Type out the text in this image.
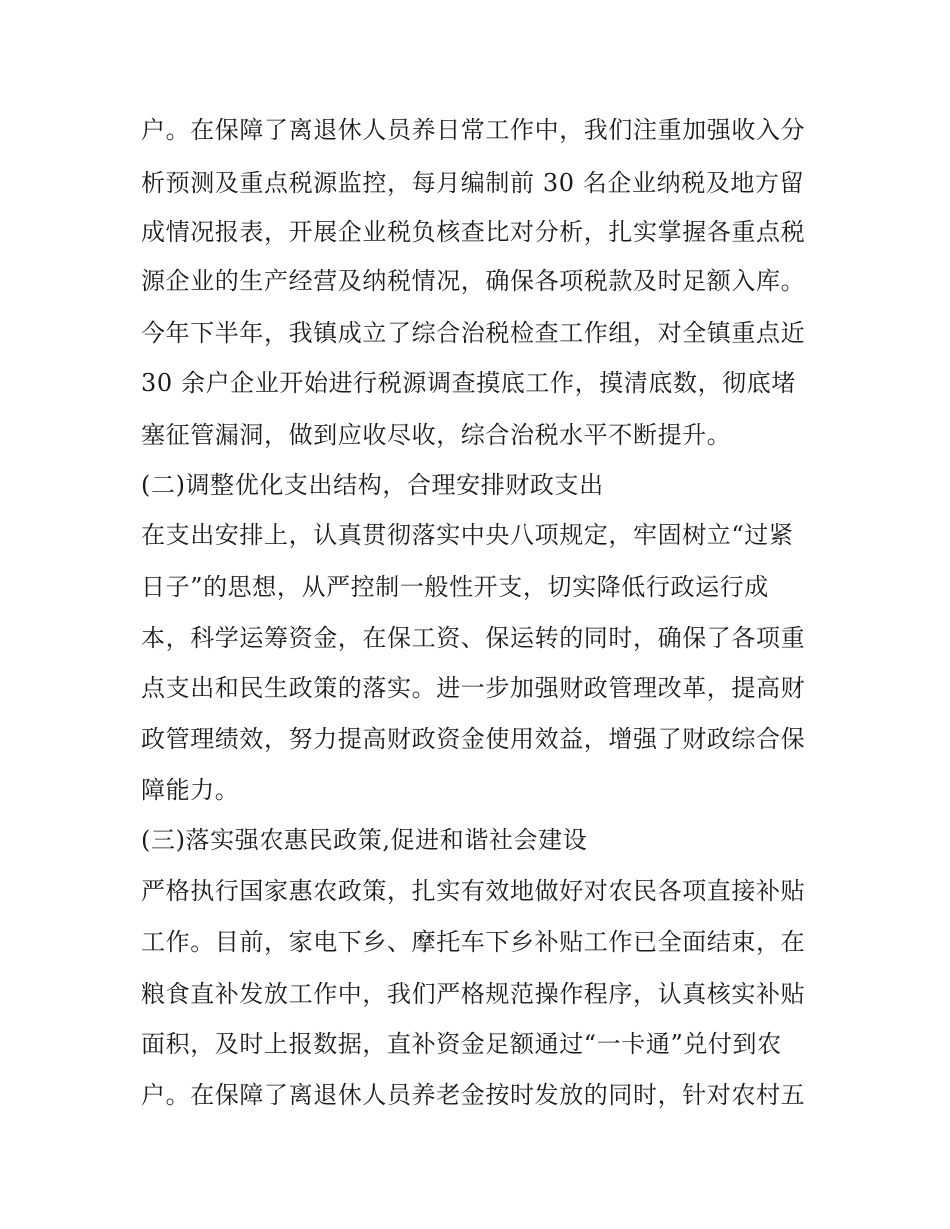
户。在保障了离退休人员养日常工作中，我们注重加强收入分
析预测及重点税源监控，每月编制前 30 名企业纳税及地方留
成情况报表，开展企业税负核查比对分析，扎实掌握各重点税
源企业的生产经营及纳税情况，确保各项税款及时足额入库。
今年下半年，我镇成立了综合治税检查工作组，对全镇重点近
30 余户企业开始进行税源调查摸底工作，摸清底数，彻底堵
塞征管漏洞，做到应收尽收，综合治税水平不断提升。
(二)调整优化支出结构，合理安排财政支出
在支出安排上，认真贯彻落实中央八项规定，牢固树立“过紧
日子”的思想，从严控制一般性开支，切实降低行政运行成
本，科学运筹资金，在保工资、保运转的同时，确保了各项重
点支出和民生政策的落实。进一步加强财政管理改革，提高财
政管理绩效，努力提高财政资金使用效益，增强了财政综合保
障能力。
(三)落实强农惠民政策,促进和谐社会建设
严格执行国家惠农政策，扎实有效地做好对农民各项直接补贴
工作。目前，家电下乡、摩托车下乡补贴工作已全面结束，在
粮食直补发放工作中，我们严格规范操作程序，认真核实补贴
面积，及时上报数据，直补资金足额通过“一卡通”兑付到农
户。在保障了离退休人员养老金按时发放的同时，针对农村五
